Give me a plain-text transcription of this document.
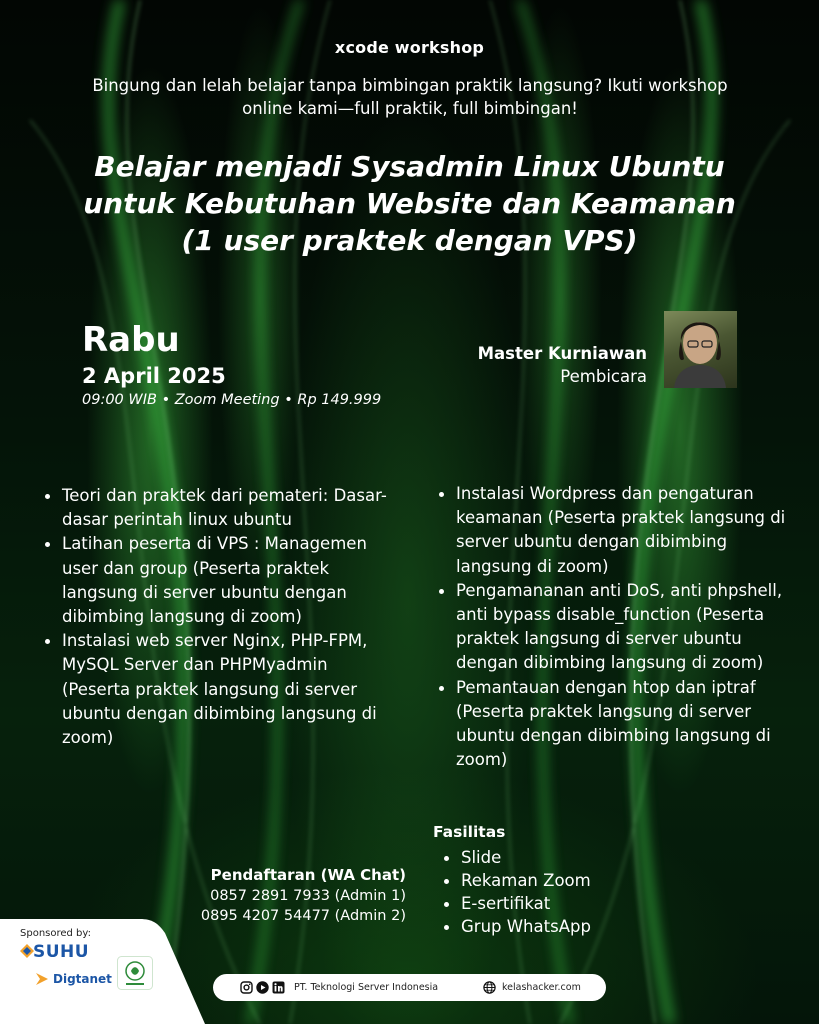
xcode workshop
Bingung dan lelah belajar tanpa bimbingan praktik langsung? Ikuti workshop online kami—full praktik, full bimbingan!
Belajar menjadi Sysadmin Linux Ubuntu
untuk Kebutuhan Website dan Keamanan
(1 user praktek dengan VPS)
Rabu
2 April 2025
09:00 WIB • Zoom Meeting • Rp 149.999
Master Kurniawan
Pembicara
Teori dan praktek dari pemateri: Dasar-dasar perintah linux ubuntu
Latihan peserta di VPS : Managemen user dan group (Peserta praktek langsung di server ubuntu dengan dibimbing langsung di zoom)
Instalasi web server Nginx, PHP-FPM, MySQL Server dan PHPMyadmin (Peserta praktek langsung di server ubuntu dengan dibimbing langsung di zoom)
Instalasi Wordpress dan pengaturan keamanan (Peserta praktek langsung di server ubuntu dengan dibimbing langsung di zoom)
Pengamananan anti DoS, anti phpshell, anti bypass disable_function (Peserta praktek langsung di server ubuntu dengan dibimbing langsung di zoom)
Pemantauan dengan htop dan iptraf (Peserta praktek langsung di server ubuntu dengan dibimbing langsung di zoom)
Fasilitas
Slide
Rekaman Zoom
E-sertifikat
Grup WhatsApp
Pendaftaran (WA Chat)
0857 2891 7933 (Admin 1)
0895 4207 54477 (Admin 2)
Sponsored by:
SUHU
Digtanet
PT. Teknologi Server Indonesia	kelashacker.com
